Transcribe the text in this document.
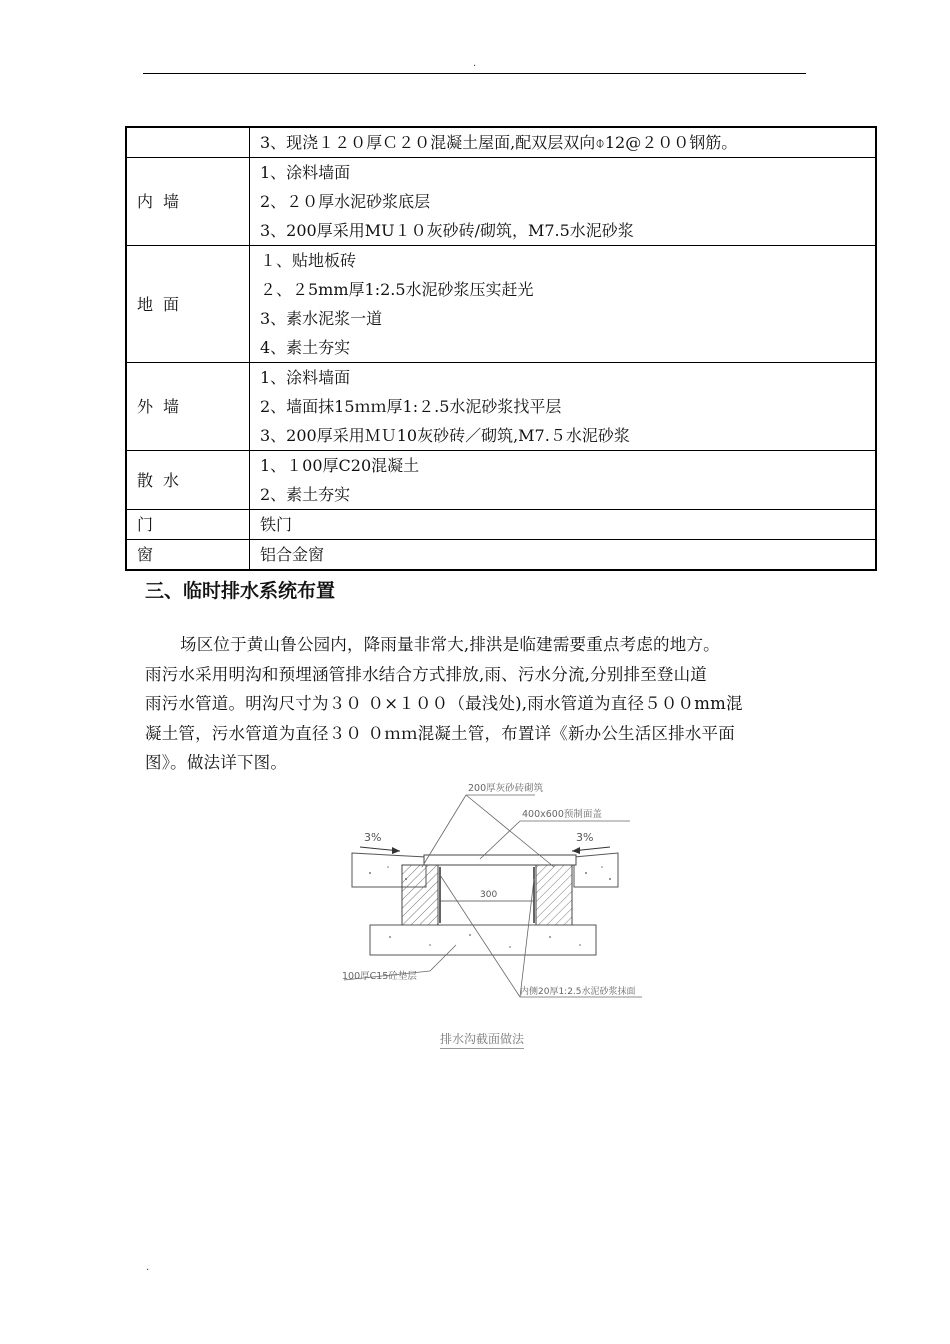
.

	3、现浇１２０厚Ｃ２０混凝土屋面,配双层双向⌽12@２００钢筋。

内墙	1、涂料墙面
2、２０厚水泥砂浆底层
3、200厚采用MU１０灰砂砖/砌筑，M7.5水泥砂浆

地面	１、贴地板砖
２、２5mm厚1:2.5水泥砂浆压实赶光
3、素水泥浆一道
4、素土夯实

外墙	1、涂料墙面
2、墙面抹15ｍｍ厚1:２.5水泥砂浆找平层
3、200厚采用ＭＵ10灰砂砖／砌筑,M7.５水泥砂浆

散水	1、１00厚C20混凝土
2、素土夯实

门	铁门

窗	铝合金窗
三、临时排水系统布置
场区位于黄山鲁公园内，降雨量非常大,排洪是临建需要重点考虑的地方。
雨污水采用明沟和预埋涵管排水结合方式排放,雨、污水分流,分别排至登山道
雨污水管道。明沟尺寸为３０ ０×１００（最浅处),雨水管道为直径５００mm混
凝土管，污水管道为直径３０ ０ｍｍ混凝土管，布置详《新办公生活区排水平面
图》。做法详下图。
300
3%	3%
200厚灰砂砖砌筑
400x600预制面盖
100厚C15砼垫层
内侧20厚1:2.5水泥砂浆抹面
排水沟截面做法
.
